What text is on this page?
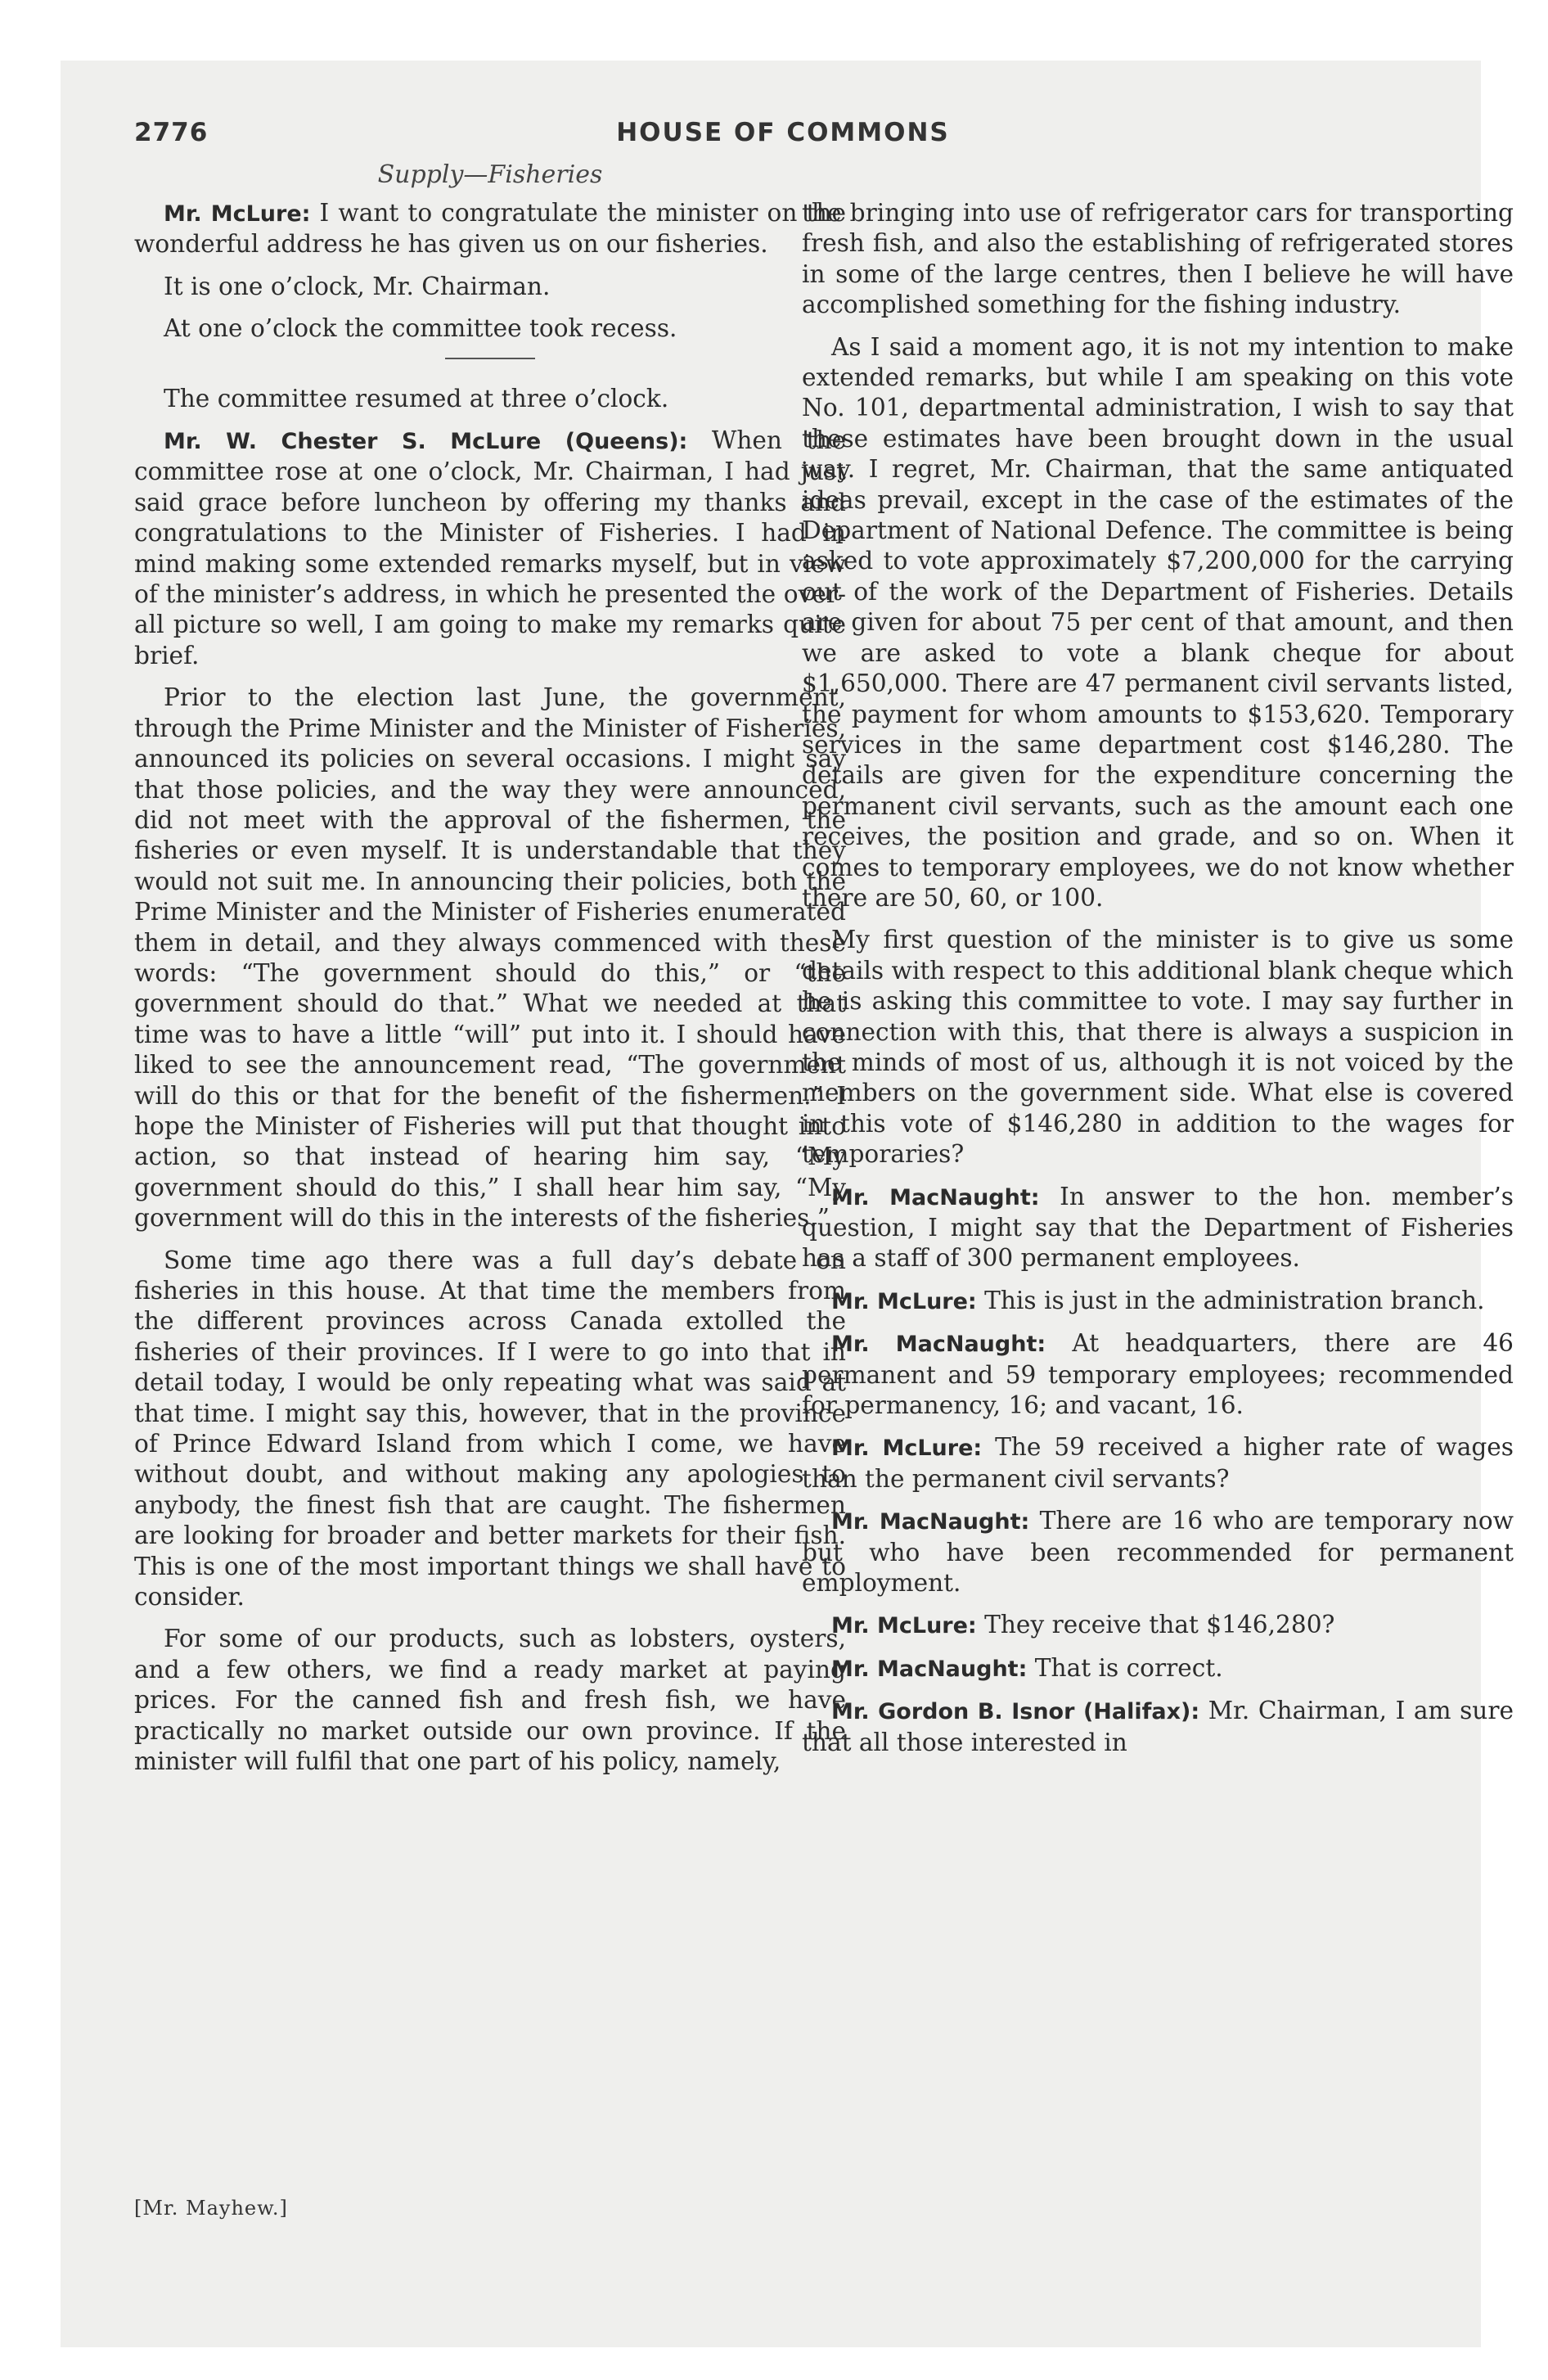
2776	HOUSE OF COMMONS
Supply—Fisheries

Mr. McLure: I want to congratulate the minister on the wonderful address he has given us on our fisheries.

It is one o’clock, Mr. Chairman.

At one o’clock the committee took recess.

The committee resumed at three o’clock.

Mr. W. Chester S. McLure (Queens): When the committee rose at one o’clock, Mr. Chairman, I had just said grace before luncheon by offering my thanks and congratulations to the Minister of Fisheries. I had in mind making some extended remarks myself, but in view of the minister’s address, in which he presented the over-all picture so well, I am going to make my remarks quite brief.

Prior to the election last June, the government, through the Prime Minister and the Minister of Fisheries, announced its policies on several occasions. I might say that those policies, and the way they were announced, did not meet with the approval of the fishermen, the fisheries or even myself. It is understandable that they would not suit me. In announcing their policies, both the Prime Minister and the Minister of Fisheries enumerated them in detail, and they always commenced with these words: “The government should do this,” or “the government should do that.” What we needed at that time was to have a little “will” put into it. I should have liked to see the announcement read, “The government will do this or that for the benefit of the fishermen.” I hope the Minister of Fisheries will put that thought into action, so that instead of hearing him say, “My government should do this,” I shall hear him say, “My government will do this in the interests of the fisheries.”

Some time ago there was a full day’s debate on fisheries in this house. At that time the members from the different provinces across Canada extolled the fisheries of their provinces. If I were to go into that in detail today, I would be only repeating what was said at that time. I might say this, however, that in the province of Prince Edward Island from which I come, we have without doubt, and without making any apologies to anybody, the finest fish that are caught. The fishermen are looking for broader and better markets for their fish. This is one of the most important things we shall have to consider.

For some of our products, such as lobsters, oysters, and a few others, we find a ready market at paying prices. For the canned fish and fresh fish, we have practically no market outside our own province. If the minister will fulfil that one part of his policy, namely,

the bringing into use of refrigerator cars for transporting fresh fish, and also the establishing of refrigerated stores in some of the large centres, then I believe he will have accomplished something for the fishing industry.

As I said a moment ago, it is not my intention to make extended remarks, but while I am speaking on this vote No. 101, departmental administration, I wish to say that these estimates have been brought down in the usual way. I regret, Mr. Chairman, that the same antiquated ideas prevail, except in the case of the estimates of the Department of National Defence. The committee is being asked to vote approximately $7,200,000 for the carrying out of the work of the Department of Fisheries. Details are given for about 75 per cent of that amount, and then we are asked to vote a blank cheque for about $1,650,000. There are 47 permanent civil servants listed, the payment for whom amounts to $153,620. Temporary services in the same department cost $146,280. The details are given for the expenditure concerning the permanent civil servants, such as the amount each one receives, the position and grade, and so on. When it comes to temporary employees, we do not know whether there are 50, 60, or 100.

My first question of the minister is to give us some details with respect to this additional blank cheque which he is asking this committee to vote. I may say further in connection with this, that there is always a suspicion in the minds of most of us, although it is not voiced by the members on the government side. What else is covered in this vote of $146,280 in addition to the wages for temporaries?

Mr. MacNaught: In answer to the hon. member’s question, I might say that the Department of Fisheries has a staff of 300 permanent employees.

Mr. McLure: This is just in the administration branch.

Mr. MacNaught: At headquarters, there are 46 permanent and 59 temporary employees; recommended for permanency, 16; and vacant, 16.

Mr. McLure: The 59 received a higher rate of wages than the permanent civil servants?

Mr. MacNaught: There are 16 who are temporary now but who have been recommended for permanent employment.

Mr. McLure: They receive that $146,280?

Mr. MacNaught: That is correct.

Mr. Gordon B. Isnor (Halifax): Mr. Chairman, I am sure that all those interested in

[Mr. Mayhew.]
